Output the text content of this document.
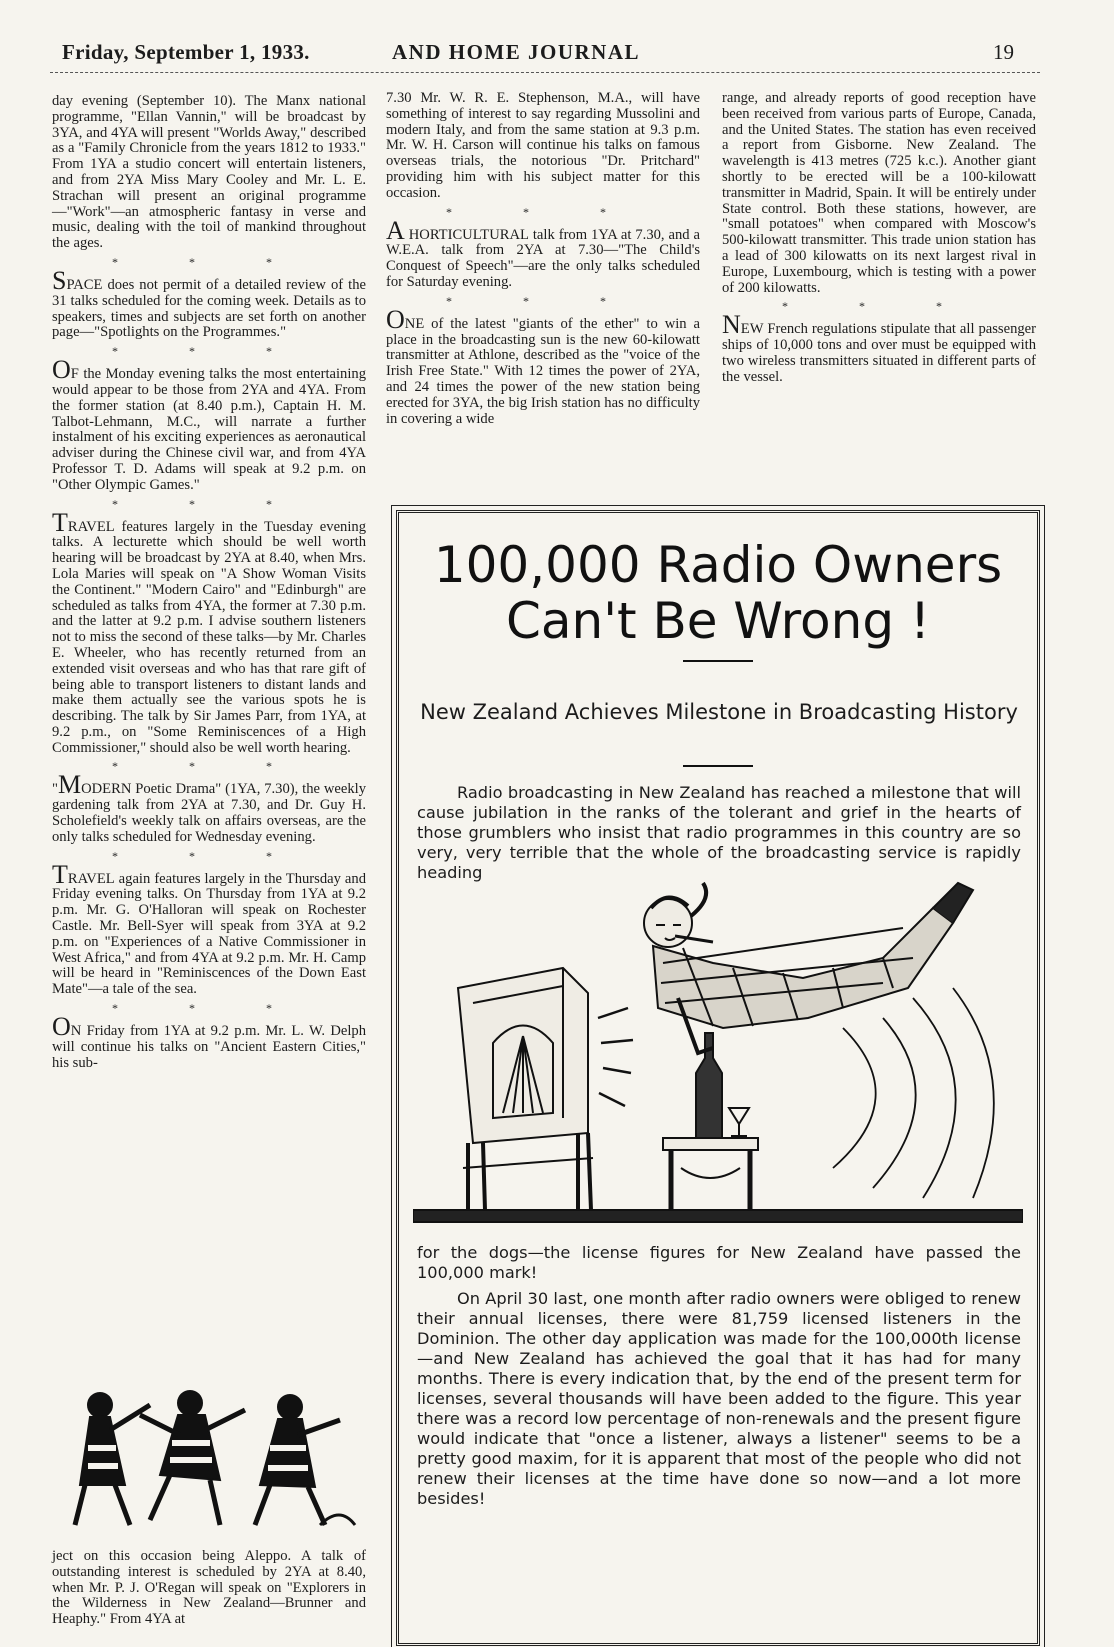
Friday, September 1, 1933.	AND HOME JOURNAL	19

day evening (September 10). The Manx national programme, "Ellan Vannin," will be broadcast by 3YA, and 4YA will present "Worlds Away," described as a "Family Chronicle from the years 1812 to 1933." From 1YA a studio concert will entertain listeners, and from 2YA Miss Mary Cooley and Mr. L. E. Strachan will present an original programme—"Work"—an atmospheric fantasy in verse and music, dealing with the toil of mankind throughout the ages.

* * *

SPACE does not permit of a detailed review of the 31 talks scheduled for the coming week. Details as to speakers, times and subjects are set forth on another page—"Spotlights on the Programmes."

* * *

OF the Monday evening talks the most entertaining would appear to be those from 2YA and 4YA. From the former station (at 8.40 p.m.), Captain H. M. Talbot-Lehmann, M.C., will narrate a further instalment of his exciting experiences as aeronautical adviser during the Chinese civil war, and from 4YA Professor T. D. Adams will speak at 9.2 p.m. on "Other Olympic Games."

* * *

TRAVEL features largely in the Tuesday evening talks. A lecturette which should be well worth hearing will be broadcast by 2YA at 8.40, when Mrs. Lola Maries will speak on "A Show Woman Visits the Continent." "Modern Cairo" and "Edinburgh" are scheduled as talks from 4YA, the former at 7.30 p.m. and the latter at 9.2 p.m. I advise southern listeners not to miss the second of these talks—by Mr. Charles E. Wheeler, who has recently returned from an extended visit overseas and who has that rare gift of being able to transport listeners to distant lands and make them actually see the various spots he is describing. The talk by Sir James Parr, from 1YA, at 9.2 p.m., on "Some Reminiscences of a High Commissioner," should also be well worth hearing.

* * *

"MODERN Poetic Drama" (1YA, 7.30), the weekly gardening talk from 2YA at 7.30, and Dr. Guy H. Scholefield's weekly talk on affairs overseas, are the only talks scheduled for Wednesday evening.

* * *

TRAVEL again features largely in the Thursday and Friday evening talks. On Thursday from 1YA at 9.2 p.m. Mr. G. O'Halloran will speak on Rochester Castle. Mr. Bell-Syer will speak from 3YA at 9.2 p.m. on "Experiences of a Native Commissioner in West Africa," and from 4YA at 9.2 p.m. Mr. H. Camp will be heard in "Reminiscences of the Down East Mate"—a tale of the sea.

* * *

ON Friday from 1YA at 9.2 p.m. Mr. L. W. Delph will continue his talks on "Ancient Eastern Cities," his sub-

ject on this occasion being Aleppo. A talk of outstanding interest is scheduled by 2YA at 8.40, when Mr. P. J. O'Regan will speak on "Explorers in the Wilderness in New Zealand—Brunner and Heaphy." From 4YA at

7.30 Mr. W. R. E. Stephenson, M.A., will have something of interest to say regarding Mussolini and modern Italy, and from the same station at 9.3 p.m. Mr. W. H. Carson will continue his talks on famous overseas trials, the notorious "Dr. Pritchard" providing him with his subject matter for this occasion.

* * *

A HORTICULTURAL talk from 1YA at 7.30, and a W.E.A. talk from 2YA at 7.30—"The Child's Conquest of Speech"—are the only talks scheduled for Saturday evening.

* * *

ONE of the latest "giants of the ether" to win a place in the broadcasting sun is the new 60-kilowatt transmitter at Athlone, described as the "voice of the Irish Free State." With 12 times the power of 2YA, and 24 times the power of the new station being erected for 3YA, the big Irish station has no difficulty in covering a wide

range, and already reports of good reception have been received from various parts of Europe, Canada, and the United States. The station has even received a report from Gisborne. New Zealand. The wavelength is 413 metres (725 k.c.). Another giant shortly to be erected will be a 100-kilowatt transmitter in Madrid, Spain. It will be entirely under State control. Both these stations, however, are "small potatoes" when compared with Moscow's 500-kilowatt transmitter. This trade union station has a lead of 300 kilowatts on its next largest rival in Europe, Luxembourg, which is testing with a power of 200 kilowatts.

* * *

NEW French regulations stipulate that all passenger ships of 10,000 tons and over must be equipped with two wireless transmitters situated in different parts of the vessel.

100,000 Radio Owners
Can't Be Wrong !
New Zealand Achieves Milestone in Broadcasting History

Radio broadcasting in New Zealand has reached a milestone that will cause jubilation in the ranks of the tolerant and grief in the hearts of those grumblers who insist that radio programmes in this country are so very, very terrible that the whole of the broadcasting service is rapidly heading

for the dogs—the license figures for New Zealand have passed the 100,000 mark!

On April 30 last, one month after radio owners were obliged to renew their annual licenses, there were 81,759 licensed listeners in the Dominion. The other day application was made for the 100,000th license—and New Zealand has achieved the goal that it has had for many months. There is every indication that, by the end of the present term for licenses, several thousands will have been added to the figure. This year there was a record low percentage of non-renewals and the present figure would indicate that "once a listener, always a listener" seems to be a pretty good maxim, for it is apparent that most of the people who did not renew their licenses at the time have done so now—and a lot more besides!
